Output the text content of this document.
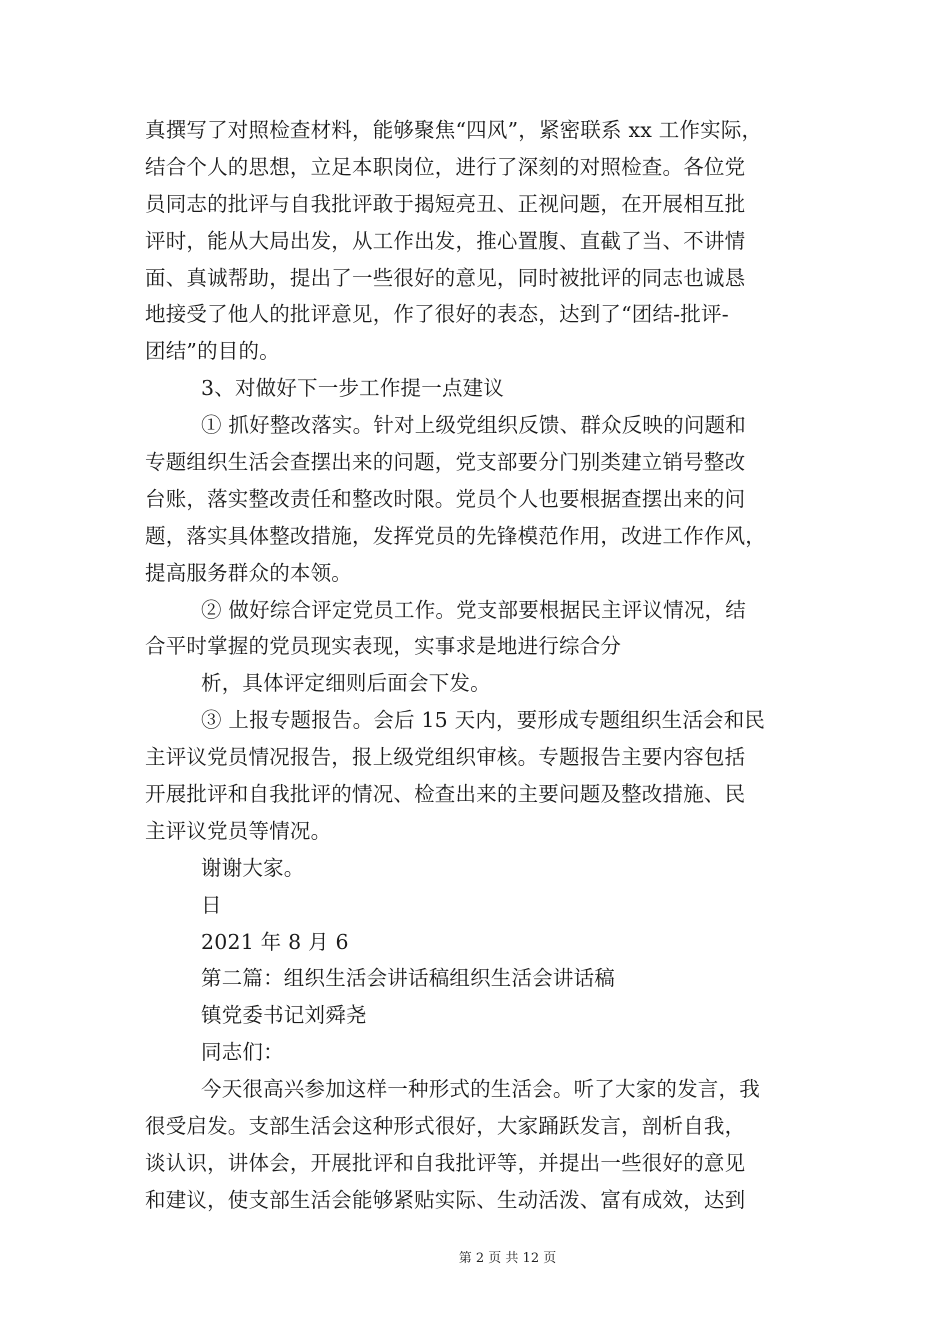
真撰写了对照检查材料，能够聚焦“四风”，紧密联系 xx 工作实际，
结合个人的思想，立足本职岗位，进行了深刻的对照检查。各位党
员同志的批评与自我批评敢于揭短亮丑、正视问题，在开展相互批
评时，能从大局出发，从工作出发，推心置腹、直截了当、不讲情
面、真诚帮助，提出了一些很好的意见，同时被批评的同志也诚恳
地接受了他人的批评意见，作了很好的表态，达到了“团结-批评-
团结”的目的。
3、对做好下一步工作提一点建议
① 抓好整改落实。针对上级党组织反馈、群众反映的问题和
专题组织生活会查摆出来的问题，党支部要分门别类建立销号整改
台账，落实整改责任和整改时限。党员个人也要根据查摆出来的问
题，落实具体整改措施，发挥党员的先锋模范作用，改进工作作风，
提高服务群众的本领。
② 做好综合评定党员工作。党支部要根据民主评议情况，结
合平时掌握的党员现实表现，实事求是地进行综合分
析，具体评定细则后面会下发。
③ 上报专题报告。会后 15 天内，要形成专题组织生活会和民
主评议党员情况报告，报上级党组织审核。专题报告主要内容包括
开展批评和自我批评的情况、检查出来的主要问题及整改措施、民
主评议党员等情况。
谢谢大家。
日
2021 年 8 月 6
第二篇：组织生活会讲话稿组织生活会讲话稿
镇党委书记刘舜尧
同志们：
今天很高兴参加这样一种形式的生活会。听了大家的发言，我
很受启发。支部生活会这种形式很好，大家踊跃发言，剖析自我，
谈认识，讲体会，开展批评和自我批评等，并提出一些很好的意见
和建议，使支部生活会能够紧贴实际、生动活泼、富有成效，达到
第 2 页 共 12 页
